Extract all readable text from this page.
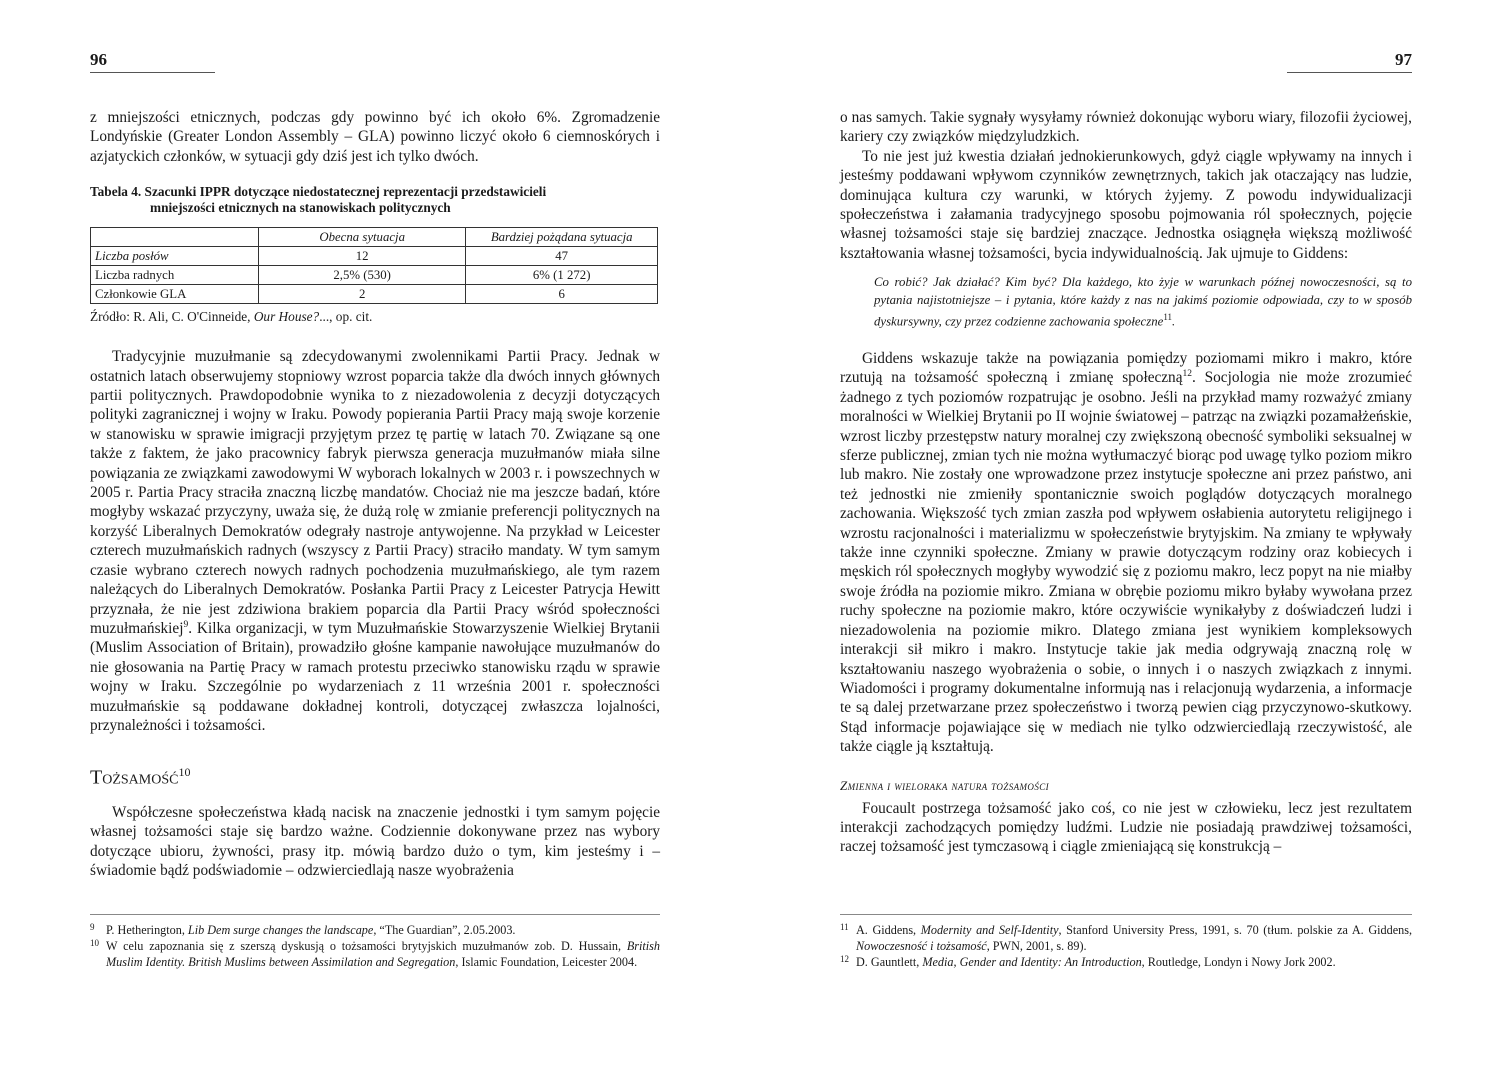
96

z mniejszości etnicznych, podczas gdy powinno być ich około 6%. Zgromadzenie Londyńskie (Greater London Assembly – GLA) powinno liczyć około 6 ciemnoskórych i azjatyckich członków, w sytuacji gdy dziś jest ich tylko dwóch.

Tabela 4. Szacunki IPPR dotyczące niedostatecznej reprezentacji przedstawicieli
mniejszości etnicznych na stanowiskach politycznych
	Obecna sytuacja	Bardziej pożądana sytuacja
Liczba posłów	12	47
Liczba radnych	2,5% (530)	6% (1 272)
Członkowie GLA	2	6
Źródło: R. Ali, C. O'Cinneide, Our House?..., op. cit.

Tradycyjnie muzułmanie są zdecydowanymi zwolennikami Partii Pracy. Jednak w ostatnich latach obserwujemy stopniowy wzrost poparcia także dla dwóch innych głównych partii politycznych. Prawdopodobnie wynika to z niezadowolenia z decyzji dotyczących polityki zagranicznej i wojny w Iraku. Powody popierania Partii Pracy mają swoje korzenie w stanowisku w sprawie imigracji przyjętym przez tę partię w latach 70. Związane są one także z faktem, że jako pracownicy fabryk pierwsza generacja muzułmanów miała silne powiązania ze związkami zawodowymi W wyborach lokalnych w 2003 r. i powszechnych w 2005 r. Partia Pracy straciła znaczną liczbę mandatów. Chociaż nie ma jeszcze badań, które mogłyby wskazać przyczyny, uważa się, że dużą rolę w zmianie preferencji politycznych na korzyść Liberalnych Demokratów odegrały nastroje antywojenne. Na przykład w Leicester czterech muzułmańskich radnych (wszyscy z Partii Pracy) straciło mandaty. W tym samym czasie wybrano czterech nowych radnych pochodzenia muzułmańskiego, ale tym razem należących do Liberalnych Demokratów. Posłanka Partii Pracy z Leicester Patrycja Hewitt przyznała, że nie jest zdziwiona brakiem poparcia dla Partii Pracy wśród społeczności muzułmańskiej$^9$. Kilka organizacji, w tym Muzułmańskie Stowarzyszenie Wielkiej Brytanii (Muslim Association of Britain), prowadziło głośne kampanie nawołujące muzułmanów do nie głosowania na Partię Pracy w ramach protestu przeciwko stanowisku rządu w sprawie wojny w Iraku. Szczególnie po wydarzeniach z 11 września 2001 r. społeczności muzułmańskie są poddawane dokładnej kontroli, dotyczącej zwłaszcza lojalności, przynależności i tożsamości.

Tożsamość$^{10}$

Współczesne społeczeństwa kładą nacisk na znaczenie jednostki i tym samym pojęcie własnej tożsamości staje się bardzo ważne. Codziennie dokonywane przez nas wybory dotyczące ubioru, żywności, prasy itp. mówią bardzo dużo o tym, kim jesteśmy i – świadomie bądź podświadomie – odzwierciedlają nasze wyobrażenia

9 P. Hetherington, Lib Dem surge changes the landscape, “The Guardian”, 2.05.2003.
10 W celu zapoznania się z szerszą dyskusją o tożsamości brytyjskich muzułmanów zob. D. Hussain, British Muslim Identity. British Muslims between Assimilation and Segregation, Islamic Foundation, Leicester 2004.
97

o nas samych. Takie sygnały wysyłamy również dokonując wyboru wiary, filozofii życiowej, kariery czy związków międzyludzkich.

To nie jest już kwestia działań jednokierunkowych, gdyż ciągle wpływamy na innych i jesteśmy poddawani wpływom czynników zewnętrznych, takich jak otaczający nas ludzie, dominująca kultura czy warunki, w których żyjemy. Z powodu indywidualizacji społeczeństwa i załamania tradycyjnego sposobu pojmowania ról społecznych, pojęcie własnej tożsamości staje się bardziej znaczące. Jednostka osiągnęła większą możliwość kształtowania własnej tożsamości, bycia indywidualnością. Jak ujmuje to Giddens:

Co robić? Jak działać? Kim być? Dla każdego, kto żyje w warunkach późnej nowoczesności, są to pytania najistotniejsze – i pytania, które każdy z nas na jakimś poziomie odpowiada, czy to w sposób dyskursywny, czy przez codzienne zachowania społeczne$^{11}$.

Giddens wskazuje także na powiązania pomiędzy poziomami mikro i makro, które rzutują na tożsamość społeczną i zmianę społeczną$^{12}$. Socjologia nie może zrozumieć żadnego z tych poziomów rozpatrując je osobno. Jeśli na przykład mamy rozważyć zmiany moralności w Wielkiej Brytanii po II wojnie światowej – patrząc na związki pozamałżeńskie, wzrost liczby przestępstw natury moralnej czy zwiększoną obecność symboliki seksualnej w sferze publicznej, zmian tych nie można wytłumaczyć biorąc pod uwagę tylko poziom mikro lub makro. Nie zostały one wprowadzone przez instytucje społeczne ani przez państwo, ani też jednostki nie zmieniły spontanicznie swoich poglądów dotyczących moralnego zachowania. Większość tych zmian zaszła pod wpływem osłabienia autorytetu religijnego i wzrostu racjonalności i materializmu w społeczeństwie brytyjskim. Na zmiany te wpływały także inne czynniki społeczne. Zmiany w prawie dotyczącym rodziny oraz kobiecych i męskich ról społecznych mogłyby wywodzić się z poziomu makro, lecz popyt na nie miałby swoje źródła na poziomie mikro. Zmiana w obrębie poziomu mikro byłaby wywołana przez ruchy społeczne na poziomie makro, które oczywiście wynikałyby z doświadczeń ludzi i niezadowolenia na poziomie mikro. Dlatego zmiana jest wynikiem kompleksowych interakcji sił mikro i makro. Instytucje takie jak media odgrywają znaczną rolę w kształtowaniu naszego wyobrażenia o sobie, o innych i o naszych związkach z innymi. Wiadomości i programy dokumentalne informują nas i relacjonują wydarzenia, a informacje te są dalej przetwarzane przez społeczeństwo i tworzą pewien ciąg przyczynowo-skutkowy. Stąd informacje pojawiające się w mediach nie tylko odzwierciedlają rzeczywistość, ale także ciągle ją kształtują.

Zmienna i wieloraka natura tożsamości

Foucault postrzega tożsamość jako coś, co nie jest w człowieku, lecz jest rezultatem interakcji zachodzących pomiędzy ludźmi. Ludzie nie posiadają prawdziwej tożsamości, raczej tożsamość jest tymczasową i ciągle zmieniającą się konstrukcją –

11 A. Giddens, Modernity and Self-Identity, Stanford University Press, 1991, s. 70 (tłum. polskie za A. Giddens, Nowoczesność i tożsamość, PWN, 2001, s. 89).
12 D. Gauntlett, Media, Gender and Identity: An Introduction, Routledge, Londyn i Nowy Jork 2002.
